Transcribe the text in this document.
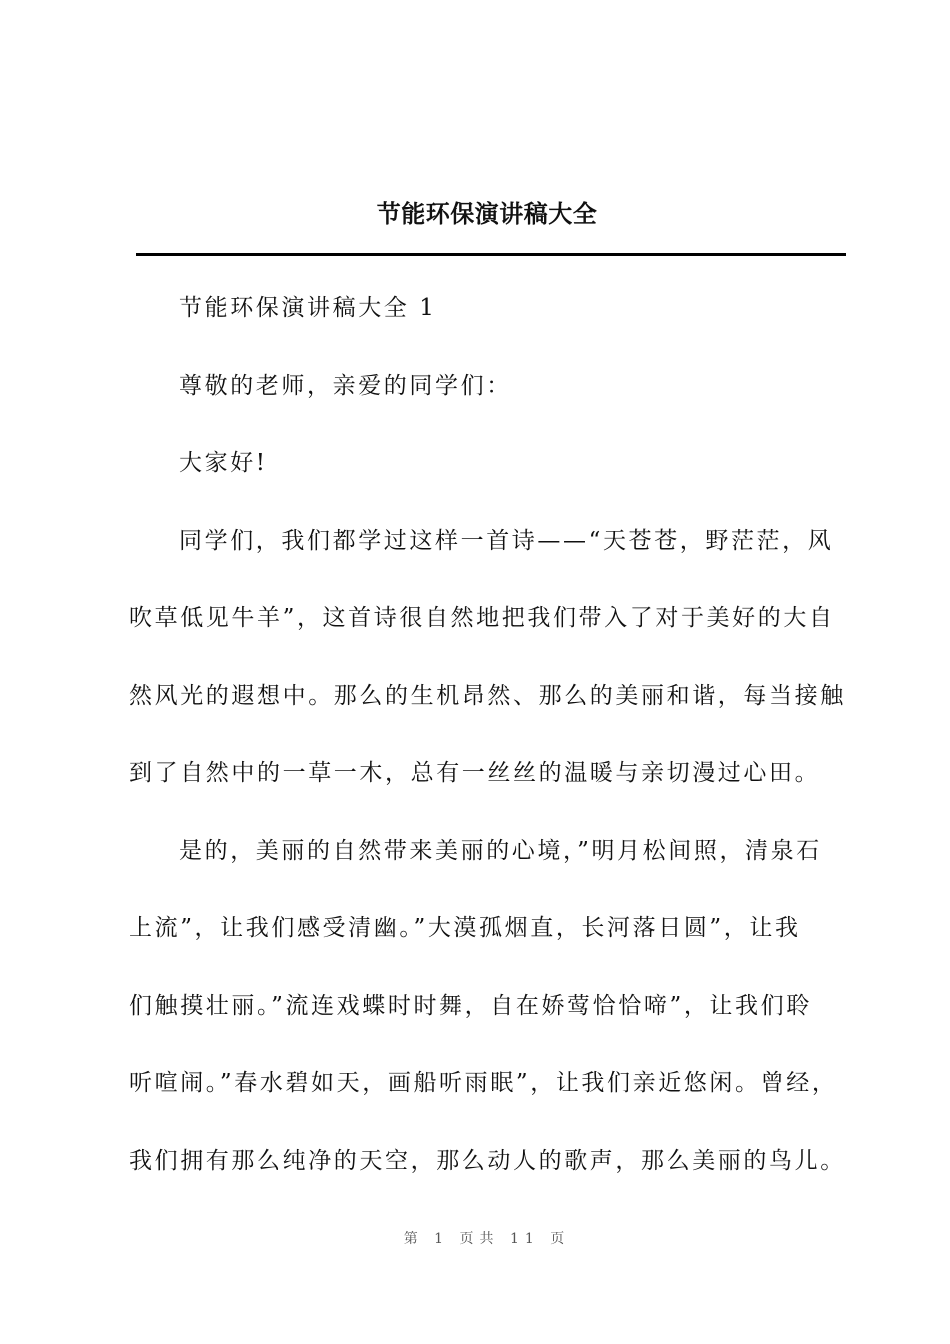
节能环保演讲稿大全

节能环保演讲稿大全 1

尊敬的老师，亲爱的同学们：

大家好!

同学们，我们都学过这样一首诗——“天苍苍，野茫茫，风
吹草低见牛羊”，这首诗很自然地把我们带入了对于美好的大自
然风光的遐想中。那么的生机昂然、那么的美丽和谐，每当接触
到了自然中的一草一木，总有一丝丝的温暖与亲切漫过心田。

是的，美丽的自然带来美丽的心境，”明月松间照，清泉石
上流”，让我们感受清幽。”大漠孤烟直，长河落日圆”，让我
们触摸壮丽。”流连戏蝶时时舞，自在娇莺恰恰啼”，让我们聆
听喧闹。”春水碧如天，画船听雨眠”，让我们亲近悠闲。曾经，
我们拥有那么纯净的天空，那么动人的歌声，那么美丽的鸟儿。

第 1 页共 11 页
